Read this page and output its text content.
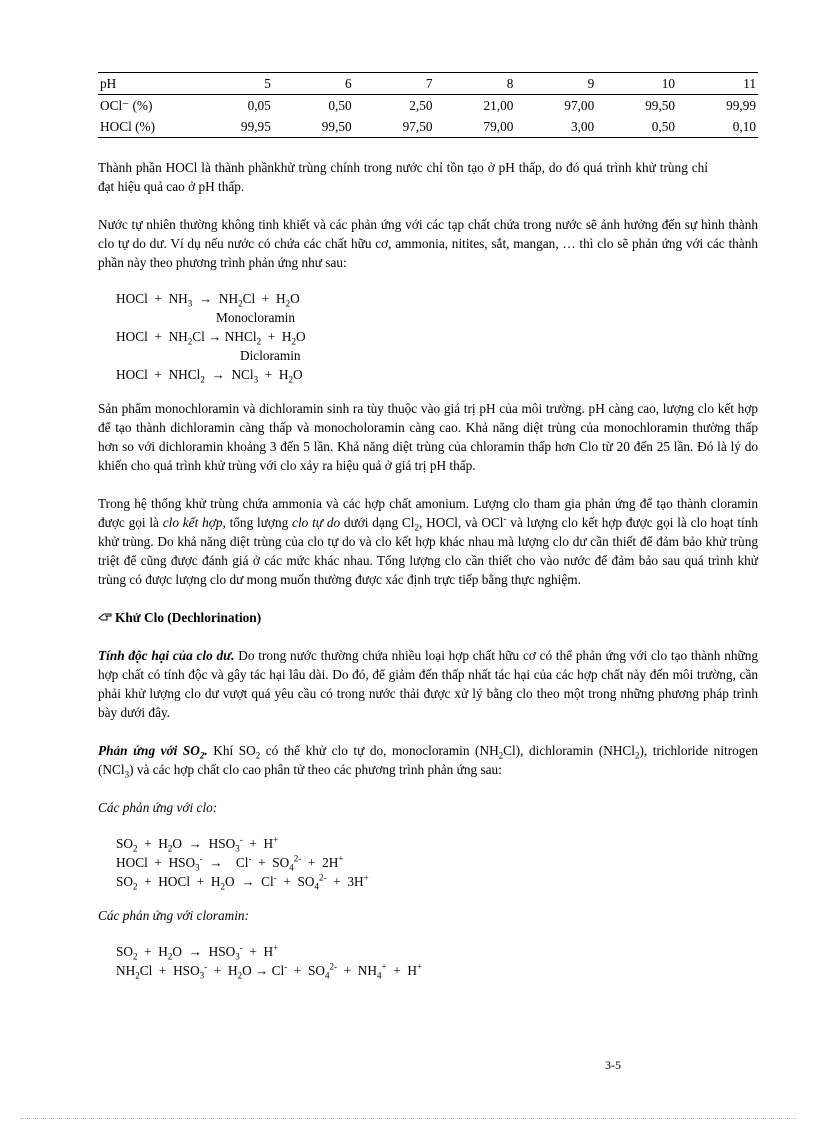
pH	5	6	7	8	9	10	11
OCl⁻ (%)	0,05	0,50	2,50	21,00	97,00	99,50	99,99
HOCl (%)	99,95	99,50	97,50	79,00	3,00	0,50	0,10

Thành phần HOCl là thành phầnkhử trùng chính trong nước chỉ tồn tạo ở pH thấp, do đó quá trình khử trùng chỉ đạt hiệu quả cao ở pH thấp.

Nước tự nhiên thường không tinh khiết và các phản ứng với các tạp chất chứa trong nước sẽ ảnh hưởng đến sự hình thành clo tự do dư. Ví dụ nếu nước có chứa các chất hữu cơ, ammonia, nitites, sắt, mangan, … thì clo sẽ phản ứng với các thành phần này theo phương trình phản ứng như sau:

HOCl  +  $NH_3 \to NH_2Cl + H_2O$
Monocloramin
HOCl  +  $NH_2Cl$ → NHCl$_2$  +  $H_2O$
Dicloramin
HOCl  +  NHCl$_2$  →  $NCl_3 + H_2O$

Sản phẩm monochloramin và dichloramin sinh ra tùy thuộc vào giá trị pH của môi trường. pH càng cao, lượng clo kết hợp để tạo thành dichloramin càng thấp và monocholoramin càng cao. Khả năng diệt trùng của monochloramin thường thấp hơn so với dichloramin khoảng 3 đến 5 lần. Khả năng diệt trùng của chloramin thấp hơn Clo từ 20 đến 25 lần. Đó là lý do khiến cho quá trình khử trùng với clo xảy ra hiệu quả ở giá trị pH thấp.

Trong hệ thống khử trùng chứa ammonia và các hợp chất amonium. Lượng clo tham gia phản ứng để tạo thành cloramin được gọi là clo kết hợp, tổng lượng clo tự do dưới dạng $Cl_2$, HOCl, và OCl- và lượng clo kết hợp được gọi là clo hoạt tính khử trùng. Do khả năng diệt trùng của clo tự do và clo kết hợp khác nhau mà lượng clo dư cần thiết để đảm bảo khử trùng triệt để cũng được đánh giá ở các mức khác nhau. Tổng lượng clo cần thiết cho vào nước để đảm bảo sau quá trình khử trùng có được lượng clo dư mong muốn thường được xác định trực tiếp bằng thực nghiệm.

Khử Clo (Dechlorination)

Tính độc hại của clo dư. Do trong nước thường chứa nhiều loại hợp chất hữu cơ có thể phản ứng với clo tạo thành những hợp chất có tính độc và gây tác hại lâu dài. Do đó, để giảm đến thấp nhất tác hại của các hợp chất này đến môi trường, cần phải khử lượng clo dư vượt quá yêu cầu có trong nước thải được xử lý bằng clo theo một trong những phương pháp trình bày dưới đây.

Phản ứng với $SO_2$. Khí $SO_2$ có thể khử clo tự do, monocloramin $(NH_2Cl)$, dichloramin (NHCl$_2$), trichloride nitrogen (NCl$_3$) và các hợp chất clo cao phân tử theo các phương trình phản ứng sau:

Các phản ứng với clo:

$SO_2 + H_2O \to HSO_3^- + H^+$
HOCl  +  $HSO_3^-$  →    $Cl^- + SO_4^{2-} + 2H^+$
$SO_2$  +  HOCl  +  $H_2O \to Cl^- + SO_4^{2-} + 3H^+$

Các phản ứng với cloramin:

$SO_2 + H_2O \to HSO_3^- + H^+$
$NH_2Cl + HSO_3^- + H_2O \to Cl^- + SO_4^{2-} + NH_4^+ + H^+$
3-5
